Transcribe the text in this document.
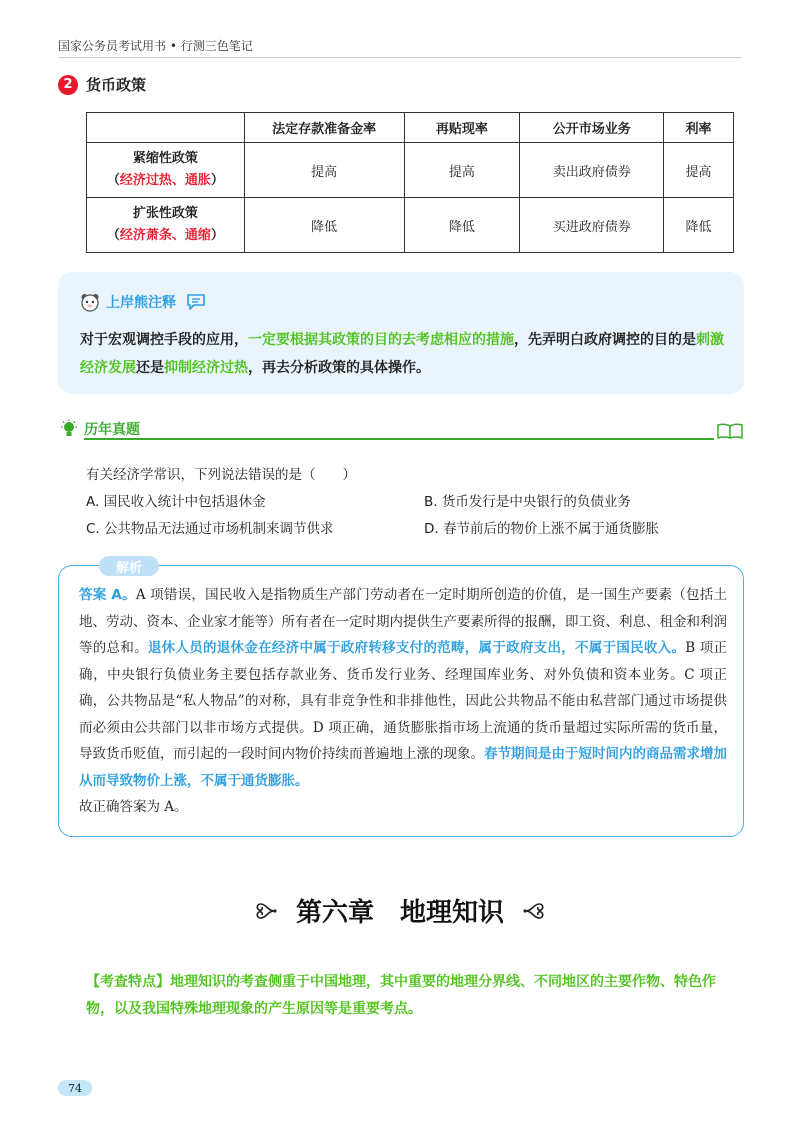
国家公务员考试用书 • 行测三色笔记
2 货币政策
	法定存款准备金率	再贴现率	公开市场业务	利率

紧缩性政策
（经济过热、通胀）	提高	提高	卖出政府债券	提高

扩张性政策
（经济萧条、通缩）	降低	降低	买进政府债券	降低
上岸熊注释
对于宏观调控手段的应用，一定要根据其政策的目的去考虑相应的措施，先弄明白政府调控的目的是刺激经济发展还是抑制经济过热，再去分析政策的具体操作。
历年真题
有关经济学常识，下列说法错误的是（　　）
A. 国民收入统计中包括退休金	B. 货币发行是中央银行的负债业务
C. 公共物品无法通过市场机制来调节供求	D. 春节前后的物价上涨不属于通货膨胀
解析
答案 A。A 项错误，国民收入是指物质生产部门劳动者在一定时期所创造的价值，是一国生产要素（包括土地、劳动、资本、企业家才能等）所有者在一定时期内提供生产要素所得的报酬，即工资、利息、租金和利润等的总和。退休人员的退休金在经济中属于政府转移支付的范畴，属于政府支出，不属于国民收入。B 项正确，中央银行负债业务主要包括存款业务、货币发行业务、经理国库业务、对外负债和资本业务。C 项正确，公共物品是“私人物品”的对称，具有非竞争性和非排他性，因此公共物品不能由私营部门通过市场提供而必须由公共部门以非市场方式提供。D 项正确，通货膨胀指市场上流通的货币量超过实际所需的货币量，导致货币贬值，而引起的一段时间内物价持续而普遍地上涨的现象。春节期间是由于短时间内的商品需求增加从而导致物价上涨，不属于通货膨胀。
故正确答案为 A。
第六章　地理知识
【考查特点】地理知识的考查侧重于中国地理，其中重要的地理分界线、不同地区的主要作物、特色作物，以及我国特殊地理现象的产生原因等是重要考点。
74
